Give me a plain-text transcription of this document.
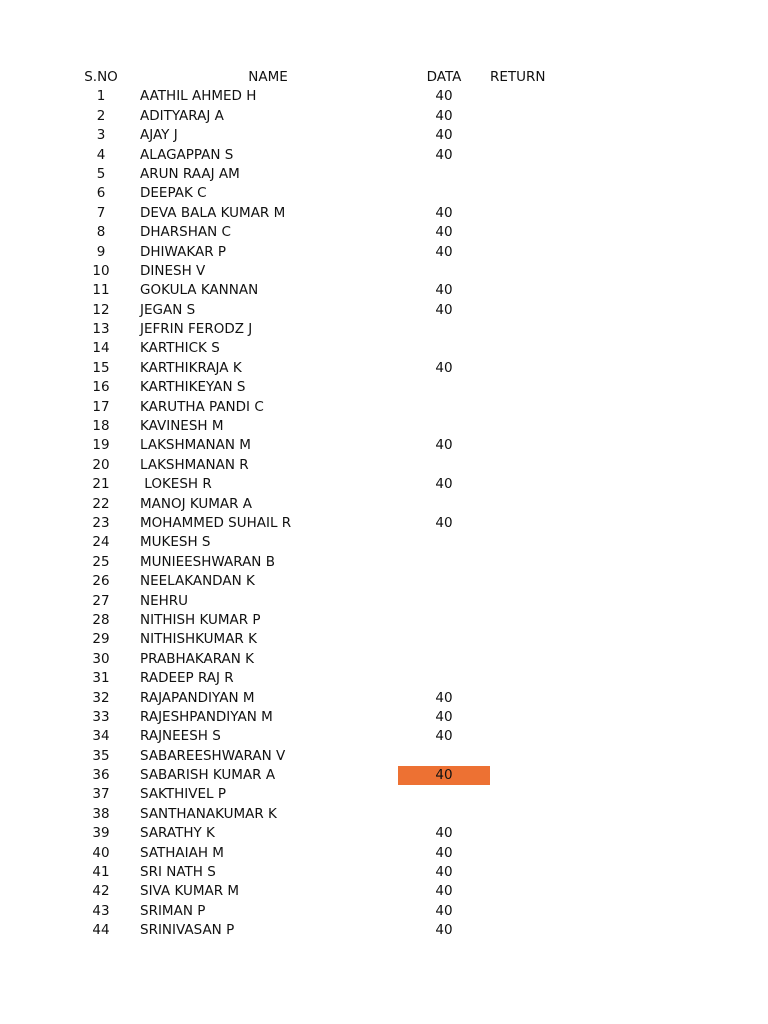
S.NO	NAME	DATA	RETURN
1	AATHIL AHMED H	40
2	ADITYARAJ A	40
3	AJAY J	40
4	ALAGAPPAN S	40
5	ARUN RAAJ AM
6	DEEPAK C
7	DEVA BALA KUMAR M	40
8	DHARSHAN C	40
9	DHIWAKAR P	40
10	DINESH V
11	GOKULA KANNAN	40
12	JEGAN S	40
13	JEFRIN FERODZ J
14	KARTHICK S
15	KARTHIKRAJA K	40
16	KARTHIKEYAN S
17	KARUTHA PANDI C
18	KAVINESH M
19	LAKSHMANAN M	40
20	LAKSHMANAN R
21	LOKESH R	40
22	MANOJ KUMAR A
23	MOHAMMED SUHAIL R	40
24	MUKESH S
25	MUNIEESHWARAN B
26	NEELAKANDAN K
27	NEHRU
28	NITHISH KUMAR P
29	NITHISHKUMAR K
30	PRABHAKARAN K
31	RADEEP RAJ R
32	RAJAPANDIYAN M	40
33	RAJESHPANDIYAN M	40
34	RAJNEESH S	40
35	SABAREESHWARAN V
36	SABARISH KUMAR A	40
37	SAKTHIVEL P
38	SANTHANAKUMAR K
39	SARATHY K	40
40	SATHAIAH M	40
41	SRI NATH S	40
42	SIVA KUMAR M	40
43	SRIMAN P	40
44	SRINIVASAN P	40
